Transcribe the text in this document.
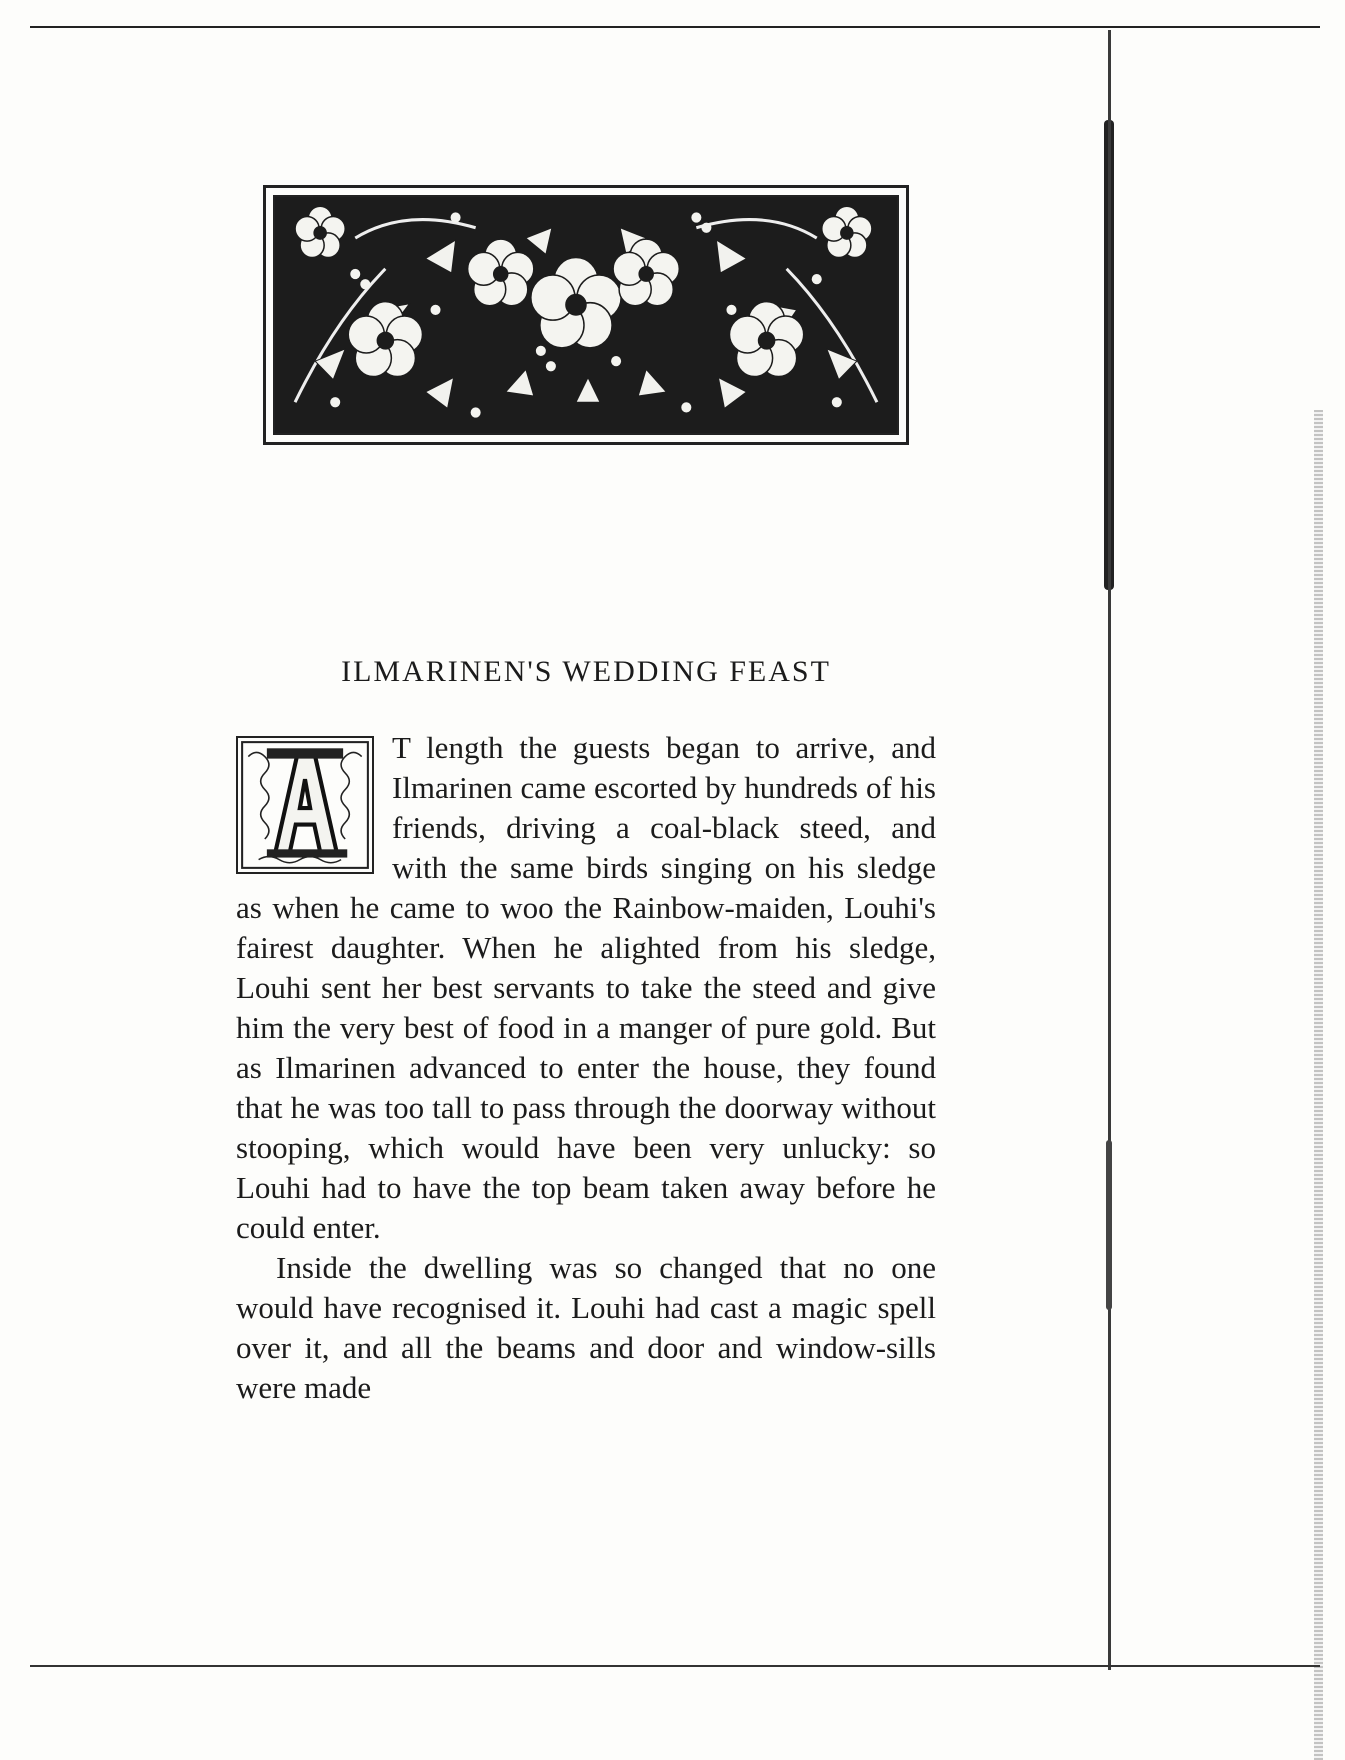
ILMARINEN'S WEDDING FEAST

T length the guests began to arrive, and Ilmarinen came escorted by hundreds of his friends, driving a coal-black steed, and with the same birds singing on his sledge as when he came to woo the Rainbow-maiden, Louhi's fairest daughter. When he alighted from his sledge, Louhi sent her best servants to take the steed and give him the very best of food in a manger of pure gold. But as Ilmarinen advanced to enter the house, they found that he was too tall to pass through the doorway without stooping, which would have been very unlucky: so Louhi had to have the top beam taken away before he could enter.

Inside the dwelling was so changed that no one would have recognised it. Louhi had cast a magic spell over it, and all the beams and door and window-sills were made
